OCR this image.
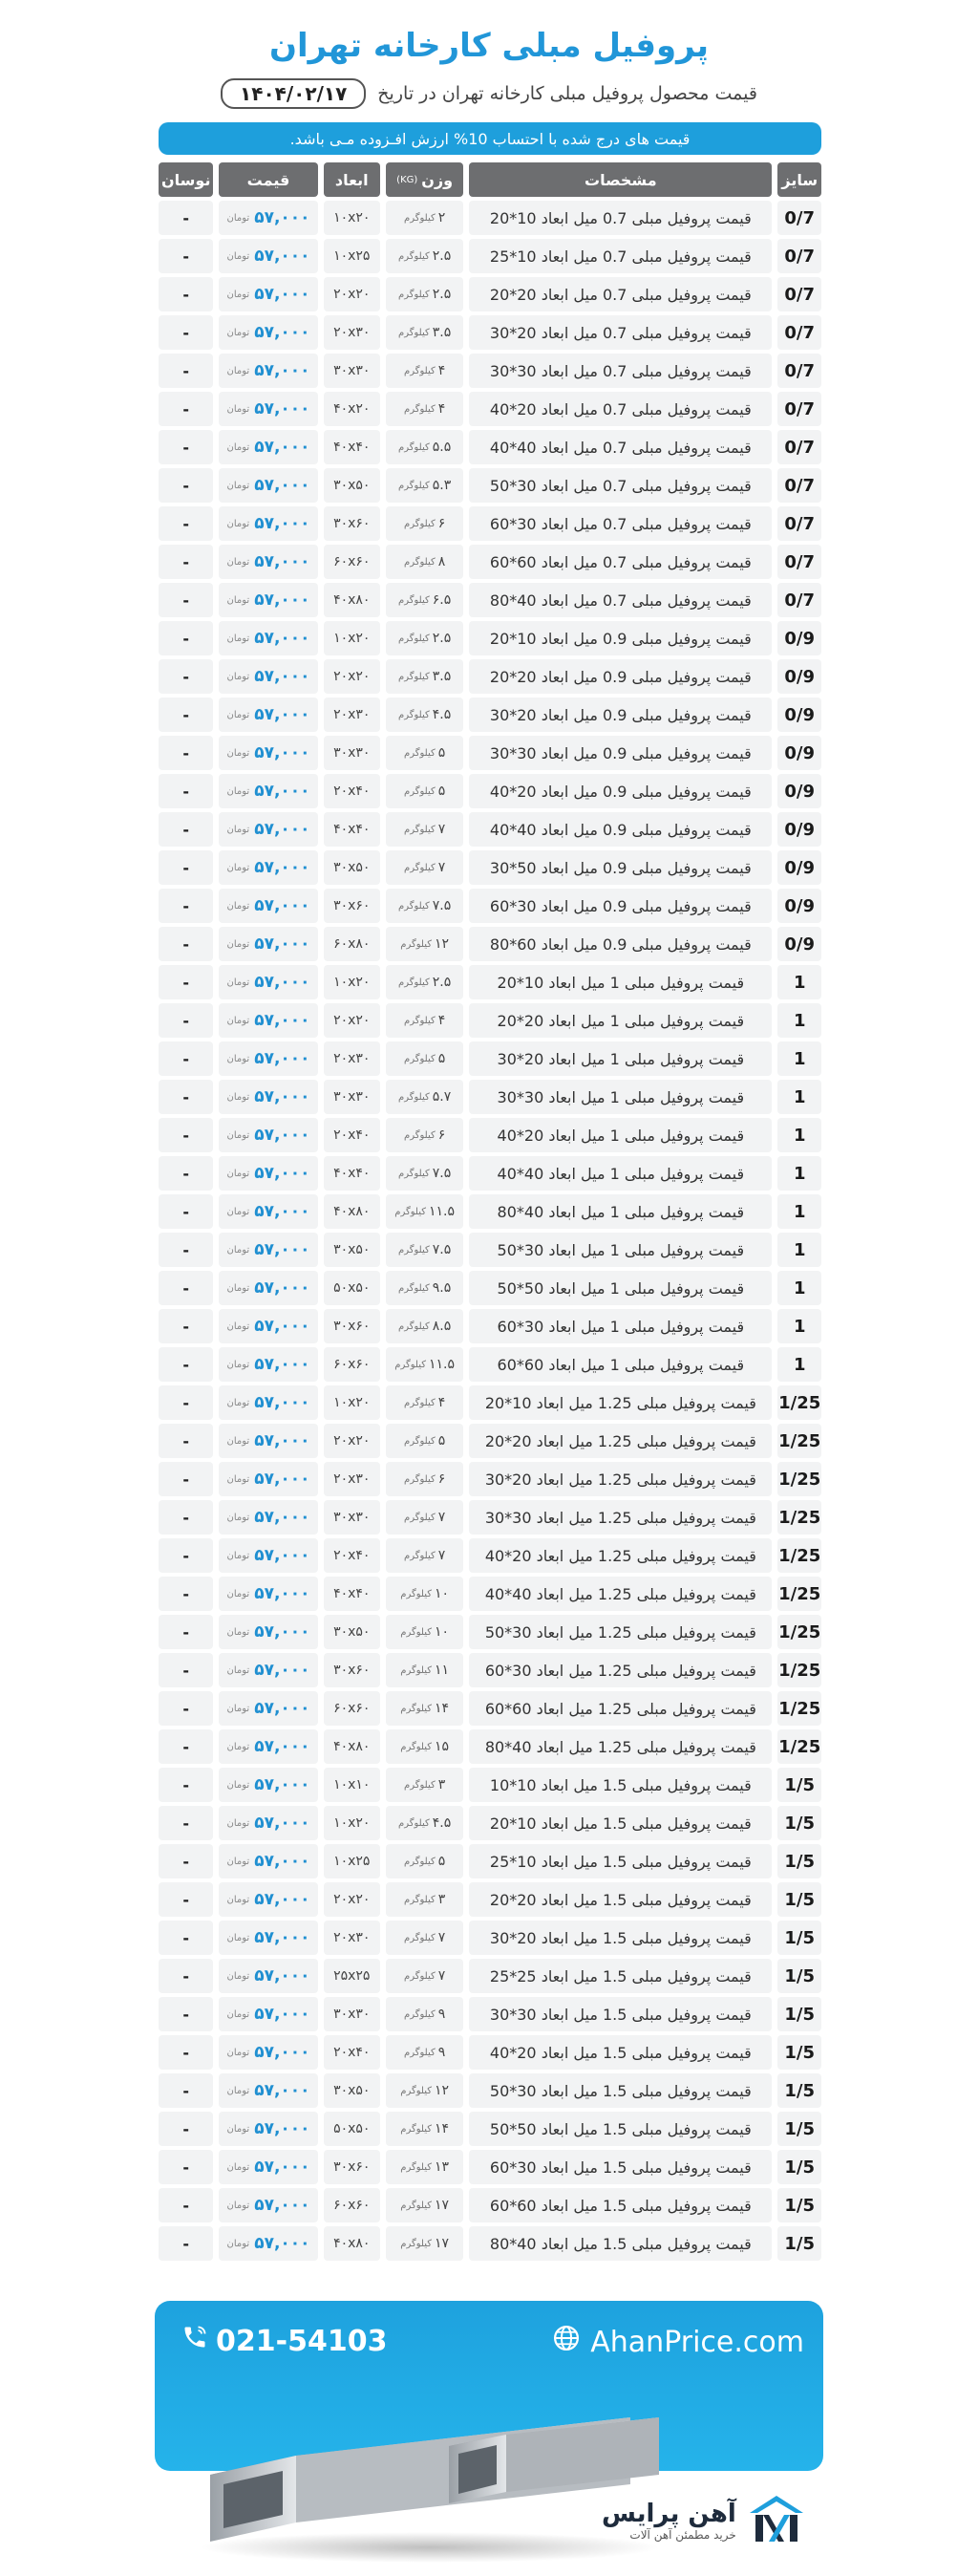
پروفیل مبلی کارخانه تهران
قیمت محصول پروفیل مبلی کارخانه تهران در تاریخ
۱۴۰۴/۰۲/۱۷
قیمت های درج شده با احتساب 10% ارزش افـزوده مـی باشد.
سایز
مشخصات
وزن
(KG)
ابعاد
قیمت
نوسان
0/7
قیمت پروفیل مبلی 0.7 میل ابعاد 10*20
۲
کیلوگرم
۱۰x۲۰
۵۷,۰۰۰
تومان
-
0/7
قیمت پروفیل مبلی 0.7 میل ابعاد 10*25
۲.۵
کیلوگرم
۱۰x۲۵
۵۷,۰۰۰
تومان
-
0/7
قیمت پروفیل مبلی 0.7 میل ابعاد 20*20
۲.۵
کیلوگرم
۲۰x۲۰
۵۷,۰۰۰
تومان
-
0/7
قیمت پروفیل مبلی 0.7 میل ابعاد 20*30
۳.۵
کیلوگرم
۲۰x۳۰
۵۷,۰۰۰
تومان
-
0/7
قیمت پروفیل مبلی 0.7 میل ابعاد 30*30
۴
کیلوگرم
۳۰x۳۰
۵۷,۰۰۰
تومان
-
0/7
قیمت پروفیل مبلی 0.7 میل ابعاد 20*40
۴
کیلوگرم
۴۰x۲۰
۵۷,۰۰۰
تومان
-
0/7
قیمت پروفیل مبلی 0.7 میل ابعاد 40*40
۵.۵
کیلوگرم
۴۰x۴۰
۵۷,۰۰۰
تومان
-
0/7
قیمت پروفیل مبلی 0.7 میل ابعاد 30*50
۵.۳
کیلوگرم
۳۰x۵۰
۵۷,۰۰۰
تومان
-
0/7
قیمت پروفیل مبلی 0.7 میل ابعاد 30*60
۶
کیلوگرم
۳۰x۶۰
۵۷,۰۰۰
تومان
-
0/7
قیمت پروفیل مبلی 0.7 میل ابعاد 60*60
۸
کیلوگرم
۶۰x۶۰
۵۷,۰۰۰
تومان
-
0/7
قیمت پروفیل مبلی 0.7 میل ابعاد 40*80
۶.۵
کیلوگرم
۴۰x۸۰
۵۷,۰۰۰
تومان
-
0/9
قیمت پروفیل مبلی 0.9 میل ابعاد 10*20
۲.۵
کیلوگرم
۱۰x۲۰
۵۷,۰۰۰
تومان
-
0/9
قیمت پروفیل مبلی 0.9 میل ابعاد 20*20
۳.۵
کیلوگرم
۲۰x۲۰
۵۷,۰۰۰
تومان
-
0/9
قیمت پروفیل مبلی 0.9 میل ابعاد 20*30
۴.۵
کیلوگرم
۲۰x۳۰
۵۷,۰۰۰
تومان
-
0/9
قیمت پروفیل مبلی 0.9 میل ابعاد 30*30
۵
کیلوگرم
۳۰x۳۰
۵۷,۰۰۰
تومان
-
0/9
قیمت پروفیل مبلی 0.9 میل ابعاد 20*40
۵
کیلوگرم
۲۰x۴۰
۵۷,۰۰۰
تومان
-
0/9
قیمت پروفیل مبلی 0.9 میل ابعاد 40*40
۷
کیلوگرم
۴۰x۴۰
۵۷,۰۰۰
تومان
-
0/9
قیمت پروفیل مبلی 0.9 میل ابعاد 50*30
۷
کیلوگرم
۳۰x۵۰
۵۷,۰۰۰
تومان
-
0/9
قیمت پروفیل مبلی 0.9 میل ابعاد 30*60
۷.۵
کیلوگرم
۳۰x۶۰
۵۷,۰۰۰
تومان
-
0/9
قیمت پروفیل مبلی 0.9 میل ابعاد 60*80
۱۲
کیلوگرم
۶۰x۸۰
۵۷,۰۰۰
تومان
-
1
قیمت پروفیل مبلی 1 میل ابعاد 10*20
۲.۵
کیلوگرم
۱۰x۲۰
۵۷,۰۰۰
تومان
-
1
قیمت پروفیل مبلی 1 میل ابعاد 20*20
۴
کیلوگرم
۲۰x۲۰
۵۷,۰۰۰
تومان
-
1
قیمت پروفیل مبلی 1 میل ابعاد 20*30
۵
کیلوگرم
۲۰x۳۰
۵۷,۰۰۰
تومان
-
1
قیمت پروفیل مبلی 1 میل ابعاد 30*30
۵.۷
کیلوگرم
۳۰x۳۰
۵۷,۰۰۰
تومان
-
1
قیمت پروفیل مبلی 1 میل ابعاد 20*40
۶
کیلوگرم
۲۰x۴۰
۵۷,۰۰۰
تومان
-
1
قیمت پروفیل مبلی 1 میل ابعاد 40*40
۷.۵
کیلوگرم
۴۰x۴۰
۵۷,۰۰۰
تومان
-
1
قیمت پروفیل مبلی 1 میل ابعاد 40*80
۱۱.۵
کیلوگرم
۴۰x۸۰
۵۷,۰۰۰
تومان
-
1
قیمت پروفیل مبلی 1 میل ابعاد 30*50
۷.۵
کیلوگرم
۳۰x۵۰
۵۷,۰۰۰
تومان
-
1
قیمت پروفیل مبلی 1 میل ابعاد 50*50
۹.۵
کیلوگرم
۵۰x۵۰
۵۷,۰۰۰
تومان
-
1
قیمت پروفیل مبلی 1 میل ابعاد 30*60
۸.۵
کیلوگرم
۳۰x۶۰
۵۷,۰۰۰
تومان
-
1
قیمت پروفیل مبلی 1 میل ابعاد 60*60
۱۱.۵
کیلوگرم
۶۰x۶۰
۵۷,۰۰۰
تومان
-
1/25
قیمت پروفیل مبلی 1.25 میل ابعاد 10*20
۴
کیلوگرم
۱۰x۲۰
۵۷,۰۰۰
تومان
-
1/25
قیمت پروفیل مبلی 1.25 میل ابعاد 20*20
۵
کیلوگرم
۲۰x۲۰
۵۷,۰۰۰
تومان
-
1/25
قیمت پروفیل مبلی 1.25 میل ابعاد 20*30
۶
کیلوگرم
۲۰x۳۰
۵۷,۰۰۰
تومان
-
1/25
قیمت پروفیل مبلی 1.25 میل ابعاد 30*30
۷
کیلوگرم
۳۰x۳۰
۵۷,۰۰۰
تومان
-
1/25
قیمت پروفیل مبلی 1.25 میل ابعاد 20*40
۷
کیلوگرم
۲۰x۴۰
۵۷,۰۰۰
تومان
-
1/25
قیمت پروفیل مبلی 1.25 میل ابعاد 40*40
۱۰
کیلوگرم
۴۰x۴۰
۵۷,۰۰۰
تومان
-
1/25
قیمت پروفیل مبلی 1.25 میل ابعاد 30*50
۱۰
کیلوگرم
۳۰x۵۰
۵۷,۰۰۰
تومان
-
1/25
قیمت پروفیل مبلی 1.25 میل ابعاد 30*60
۱۱
کیلوگرم
۳۰x۶۰
۵۷,۰۰۰
تومان
-
1/25
قیمت پروفیل مبلی 1.25 میل ابعاد 60*60
۱۴
کیلوگرم
۶۰x۶۰
۵۷,۰۰۰
تومان
-
1/25
قیمت پروفیل مبلی 1.25 میل ابعاد 40*80
۱۵
کیلوگرم
۴۰x۸۰
۵۷,۰۰۰
تومان
-
1/5
قیمت پروفیل مبلی 1.5 میل ابعاد 10*10
۳
کیلوگرم
۱۰x۱۰
۵۷,۰۰۰
تومان
-
1/5
قیمت پروفیل مبلی 1.5 میل ابعاد 10*20
۴.۵
کیلوگرم
۱۰x۲۰
۵۷,۰۰۰
تومان
-
1/5
قیمت پروفیل مبلی 1.5 میل ابعاد 10*25
۵
کیلوگرم
۱۰x۲۵
۵۷,۰۰۰
تومان
-
1/5
قیمت پروفیل مبلی 1.5 میل ابعاد 20*20
۳
کیلوگرم
۲۰x۲۰
۵۷,۰۰۰
تومان
-
1/5
قیمت پروفیل مبلی 1.5 میل ابعاد 20*30
۷
کیلوگرم
۲۰x۳۰
۵۷,۰۰۰
تومان
-
1/5
قیمت پروفیل مبلی 1.5 میل ابعاد 25*25
۷
کیلوگرم
۲۵x۲۵
۵۷,۰۰۰
تومان
-
1/5
قیمت پروفیل مبلی 1.5 میل ابعاد 30*30
۹
کیلوگرم
۳۰x۳۰
۵۷,۰۰۰
تومان
-
1/5
قیمت پروفیل مبلی 1.5 میل ابعاد 20*40
۹
کیلوگرم
۲۰x۴۰
۵۷,۰۰۰
تومان
-
1/5
قیمت پروفیل مبلی 1.5 میل ابعاد 30*50
۱۲
کیلوگرم
۳۰x۵۰
۵۷,۰۰۰
تومان
-
1/5
قیمت پروفیل مبلی 1.5 میل ابعاد 50*50
۱۴
کیلوگرم
۵۰x۵۰
۵۷,۰۰۰
تومان
-
1/5
قیمت پروفیل مبلی 1.5 میل ابعاد 30*60
۱۳
کیلوگرم
۳۰x۶۰
۵۷,۰۰۰
تومان
-
1/5
قیمت پروفیل مبلی 1.5 میل ابعاد 60*60
۱۷
کیلوگرم
۶۰x۶۰
۵۷,۰۰۰
تومان
-
1/5
قیمت پروفیل مبلی 1.5 میل ابعاد 40*80
۱۷
کیلوگرم
۴۰x۸۰
۵۷,۰۰۰
تومان
-
021-54103	AhanPrice.com
آهن پرایس
خرید مطمئن آهن آلات
